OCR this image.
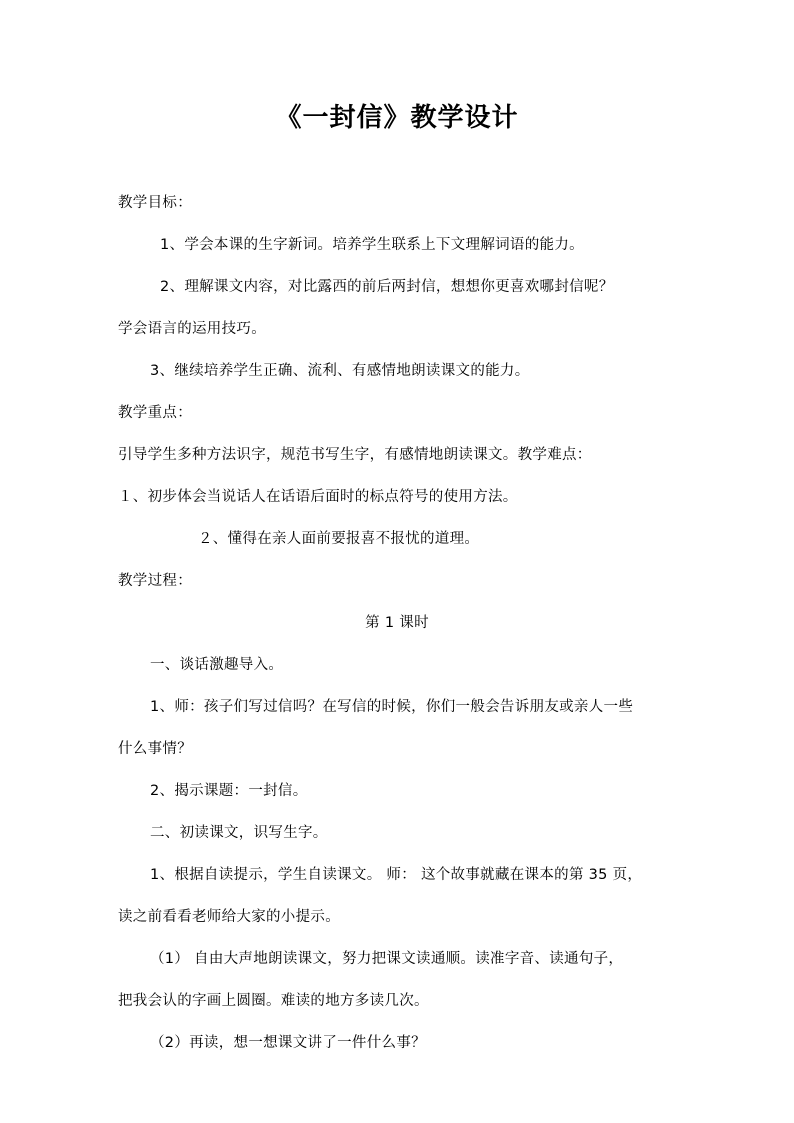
《一封信》教学设计
教学目标：
1、学会本课的生字新词。培养学生联系上下文理解词语的能力。
2、理解课文内容，对比露西的前后两封信，想想你更喜欢哪封信呢？
学会语言的运用技巧。
3、继续培养学生正确、流利、有感情地朗读课文的能力。
教学重点：
引导学生多种方法识字，规范书写生字，有感情地朗读课文。教学难点：
１、初步体会当说话人在话语后面时的标点符号的使用方法。
２、懂得在亲人面前要报喜不报忧的道理。
教学过程：
第 1 课时
一、谈话激趣导入。
1、师：孩子们写过信吗？在写信的时候，你们一般会告诉朋友或亲人一些
什么事情？
2、揭示课题：一封信。
二、初读课文，识写生字。
1、根据自读提示，学生自读课文。 师： 这个故事就藏在课本的第 35 页，
读之前看看老师给大家的小提示。
（1） 自由大声地朗读课文，努力把课文读通顺。读准字音、读通句子，
把我会认的字画上圆圈。难读的地方多读几次。
（2）再读，想一想课文讲了一件什么事？
